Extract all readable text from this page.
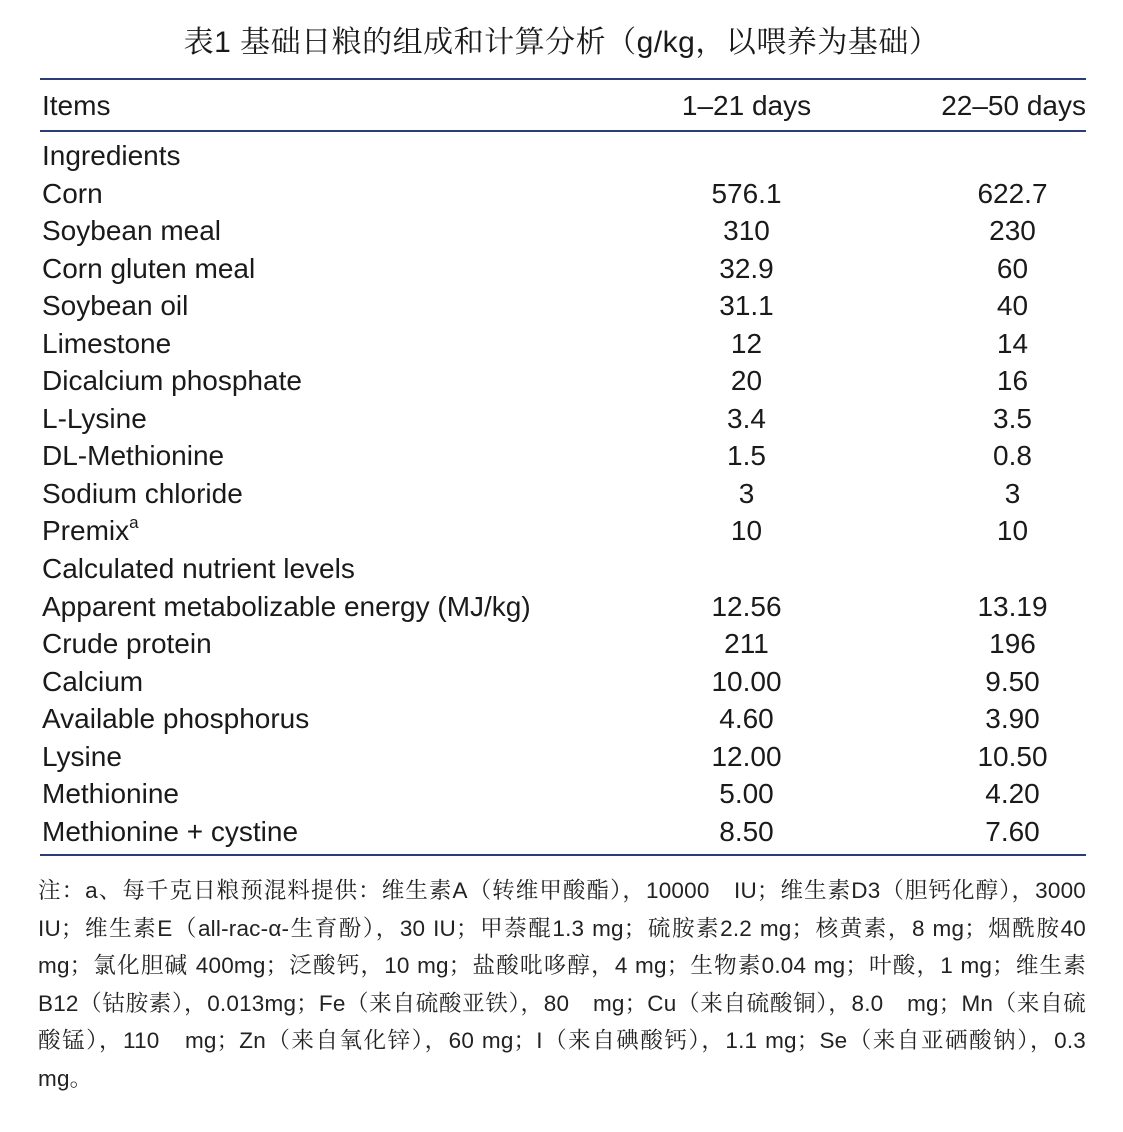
表1 基础日粮的组成和计算分析（g/kg，以喂养为基础）
Items	1–21 days	22–50 days
Ingredients
Corn	576.1	622.7
Soybean meal	310	230
Corn gluten meal	32.9	60
Soybean oil	31.1	40
Limestone	12	14
Dicalcium phosphate	20	16
L-Lysine	3.4	3.5
DL-Methionine	1.5	0.8
Sodium chloride	3	3
Premix$^a$	10	10
Calculated nutrient levels
Apparent metabolizable energy (MJ/kg)	12.56	13.19
Crude protein	211	196
Calcium	10.00	9.50
Available phosphorus	4.60	3.90
Lysine	12.00	10.50
Methionine	5.00	4.20
Methionine + cystine	8.50	7.60
注：a、每千克日粮预混料提供：维生素A（转维甲酸酯），10000　IU；维生素D3（胆钙化醇），3000　IU；维生素E（all-rac-α-生育酚），30 IU；甲萘醌1.3 mg；硫胺素2.2 mg；核黄素，8 mg；烟酰胺40 mg；氯化胆碱 400mg；泛酸钙，10 mg；盐酸吡哆醇，4 mg；生物素0.04 mg；叶酸，1 mg；维生素B12（钴胺素），0.013mg；Fe（来自硫酸亚铁），80　mg；Cu（来自硫酸铜），8.0　mg；Mn（来自硫酸锰），110　mg；Zn（来自氧化锌），60 mg；I（来自碘酸钙），1.1 mg；Se（来自亚硒酸钠），0.3 mg。
